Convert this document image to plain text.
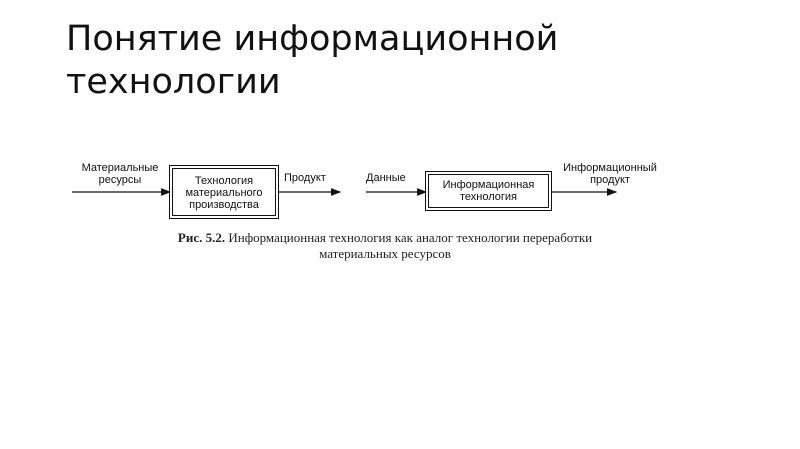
Понятие информационной
технологии
Материальные
ресурсы	Технология
материального
производства
Продукт	Данные
Информационная
технология
Информационный
продукт
Рис. 5.2. Информационная технология как аналог технологии переработки
материальных ресурсов
